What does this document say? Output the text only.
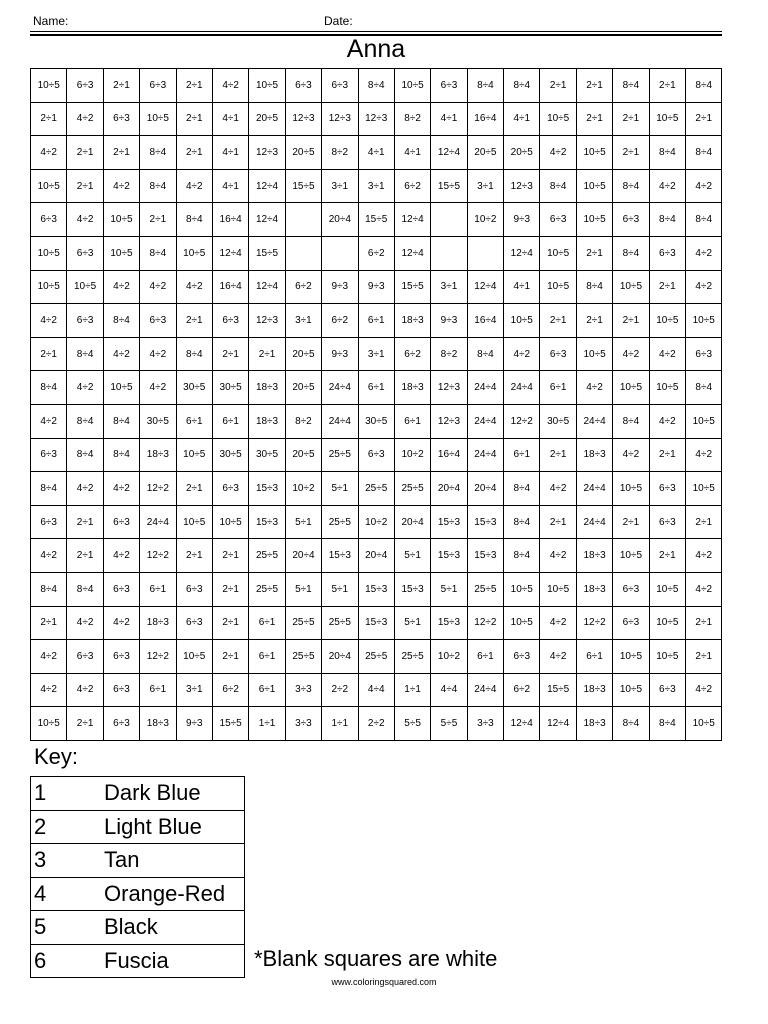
Name:	Date:
Anna
10÷5	6÷3	2÷1	6÷3	2÷1	4÷2	10÷5	6÷3	6÷3	8÷4	10÷5	6÷3	8÷4	8÷4	2÷1	2÷1	8÷4	2÷1	8÷4
2÷1	4÷2	6÷3	10÷5	2÷1	4÷1	20÷5	12÷3	12÷3	12÷3	8÷2	4÷1	16÷4	4÷1	10÷5	2÷1	2÷1	10÷5	2÷1
4÷2	2÷1	2÷1	8÷4	2÷1	4÷1	12÷3	20÷5	8÷2	4÷1	4÷1	12÷4	20÷5	20÷5	4÷2	10÷5	2÷1	8÷4	8÷4
10÷5	2÷1	4÷2	8÷4	4÷2	4÷1	12÷4	15÷5	3÷1	3÷1	6÷2	15÷5	3÷1	12÷3	8÷4	10÷5	8÷4	4÷2	4÷2
6÷3	4÷2	10÷5	2÷1	8÷4	16÷4	12÷4		20÷4	15÷5	12÷4		10÷2	9÷3	6÷3	10÷5	6÷3	8÷4	8÷4
10÷5	6÷3	10÷5	8÷4	10÷5	12÷4	15÷5			6÷2	12÷4			12÷4	10÷5	2÷1	8÷4	6÷3	4÷2
10÷5	10÷5	4÷2	4÷2	4÷2	16÷4	12÷4	6÷2	9÷3	9÷3	15÷5	3÷1	12÷4	4÷1	10÷5	8÷4	10÷5	2÷1	4÷2
4÷2	6÷3	8÷4	6÷3	2÷1	6÷3	12÷3	3÷1	6÷2	6÷1	18÷3	9÷3	16÷4	10÷5	2÷1	2÷1	2÷1	10÷5	10÷5
2÷1	8÷4	4÷2	4÷2	8÷4	2÷1	2÷1	20÷5	9÷3	3÷1	6÷2	8÷2	8÷4	4÷2	6÷3	10÷5	4÷2	4÷2	6÷3
8÷4	4÷2	10÷5	4÷2	30÷5	30÷5	18÷3	20÷5	24÷4	6÷1	18÷3	12÷3	24÷4	24÷4	6÷1	4÷2	10÷5	10÷5	8÷4
4÷2	8÷4	8÷4	30÷5	6÷1	6÷1	18÷3	8÷2	24÷4	30÷5	6÷1	12÷3	24÷4	12÷2	30÷5	24÷4	8÷4	4÷2	10÷5
6÷3	8÷4	8÷4	18÷3	10÷5	30÷5	30÷5	20÷5	25÷5	6÷3	10÷2	16÷4	24÷4	6÷1	2÷1	18÷3	4÷2	2÷1	4÷2
8÷4	4÷2	4÷2	12÷2	2÷1	6÷3	15÷3	10÷2	5÷1	25÷5	25÷5	20÷4	20÷4	8÷4	4÷2	24÷4	10÷5	6÷3	10÷5
6÷3	2÷1	6÷3	24÷4	10÷5	10÷5	15÷3	5÷1	25÷5	10÷2	20÷4	15÷3	15÷3	8÷4	2÷1	24÷4	2÷1	6÷3	2÷1
4÷2	2÷1	4÷2	12÷2	2÷1	2÷1	25÷5	20÷4	15÷3	20÷4	5÷1	15÷3	15÷3	8÷4	4÷2	18÷3	10÷5	2÷1	4÷2
8÷4	8÷4	6÷3	6÷1	6÷3	2÷1	25÷5	5÷1	5÷1	15÷3	15÷3	5÷1	25÷5	10÷5	10÷5	18÷3	6÷3	10÷5	4÷2
2÷1	4÷2	4÷2	18÷3	6÷3	2÷1	6÷1	25÷5	25÷5	15÷3	5÷1	15÷3	12÷2	10÷5	4÷2	12÷2	6÷3	10÷5	2÷1
4÷2	6÷3	6÷3	12÷2	10÷5	2÷1	6÷1	25÷5	20÷4	25÷5	25÷5	10÷2	6÷1	6÷3	4÷2	6÷1	10÷5	10÷5	2÷1
4÷2	4÷2	6÷3	6÷1	3÷1	6÷2	6÷1	3÷3	2÷2	4÷4	1÷1	4÷4	24÷4	6÷2	15÷5	18÷3	10÷5	6÷3	4÷2
10÷5	2÷1	6÷3	18÷3	9÷3	15÷5	1÷1	3÷3	1÷1	2÷2	5÷5	5÷5	3÷3	12÷4	12÷4	18÷3	8÷4	8÷4	10÷5
Key:
1	Dark Blue
2	Light Blue
3	Tan
4	Orange-Red
5	Black
6	Fuscia	*Blank squares are white
www.coloringsquared.com
